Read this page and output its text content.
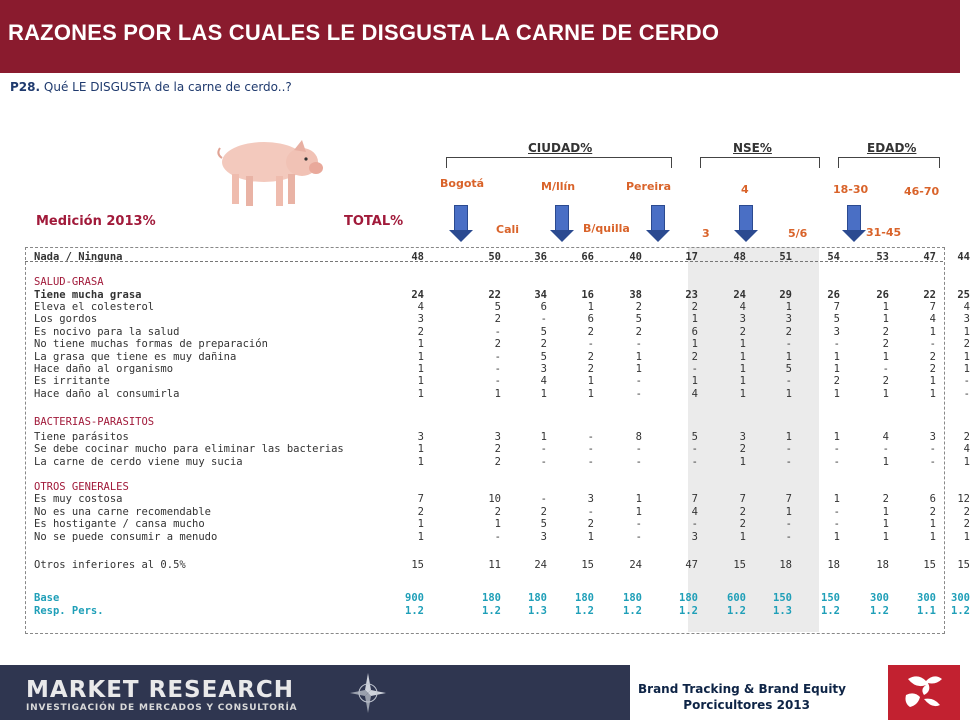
RAZONES POR LAS CUALES LE DISGUSTA LA CARNE DE CERDO
P28. Qué LE DISGUSTA de la carne de cerdo..?
CIUDAD%	NSE%	EDAD%
Bogotá	M/llín	Pereira	4	18-30	46-70
Cali	B/quilla	3	5/6	31-45
Medición 2013%	TOTAL%
Nada / Ninguna	48	50	36	66	40	17	48	51	54	53	47	44
SALUD-GRASA
Tiene mucha grasa	24	22	34	16	38	23	24	29	26	26	22	25
Eleva el colesterol	4	5	6	1	2	2	4	1	7	1	7	4
Los gordos	3	2	-	6	5	1	3	3	5	1	4	3
Es nocivo para la salud	2	-	5	2	2	6	2	2	3	2	1	1
No tiene muchas formas de preparación	1	2	2	-	-	1	1	-	-	2	-	2
La grasa que tiene es muy dañina	1	-	5	2	1	2	1	1	1	1	2	1
Hace daño al organismo	1	-	3	2	1	-	1	5	1	-	2	1
Es irritante	1	-	4	1	-	1	1	-	2	2	1	-
Hace daño al consumirla	1	1	1	1	-	4	1	1	1	1	1	-
BACTERIAS-PARASITOS
Tiene parásitos	3	3	1	-	8	5	3	1	1	4	3	2
Se debe cocinar mucho para eliminar las bacterias	1	2	-	-	-	-	2	-	-	-	-	4
La carne de cerdo viene muy sucia	1	2	-	-	-	-	1	-	-	1	-	1
OTROS GENERALES
Es muy costosa	7	10	-	3	1	7	7	7	1	2	6	12
No es una carne recomendable	2	2	2	-	1	4	2	1	-	1	2	2
Es hostigante / cansa mucho	1	1	5	2	-	-	2	-	-	1	1	2
No se puede consumir a menudo	1	-	3	1	-	3	1	-	1	1	1	1
Otros inferiores al 0.5%	15	11	24	15	24	47	15	18	18	18	15	15
Base	900	180	180	180	180	180	600	150	150	300	300	300
Resp. Pers.	1.2	1.2	1.3	1.2	1.2	1.2	1.2	1.3	1.2	1.2	1.1	1.2
MARKET RESEARCH
INVESTIGACIÓN DE MERCADOS Y CONSULTORÍA
Brand Tracking & Brand Equity
Porcicultores 2013
